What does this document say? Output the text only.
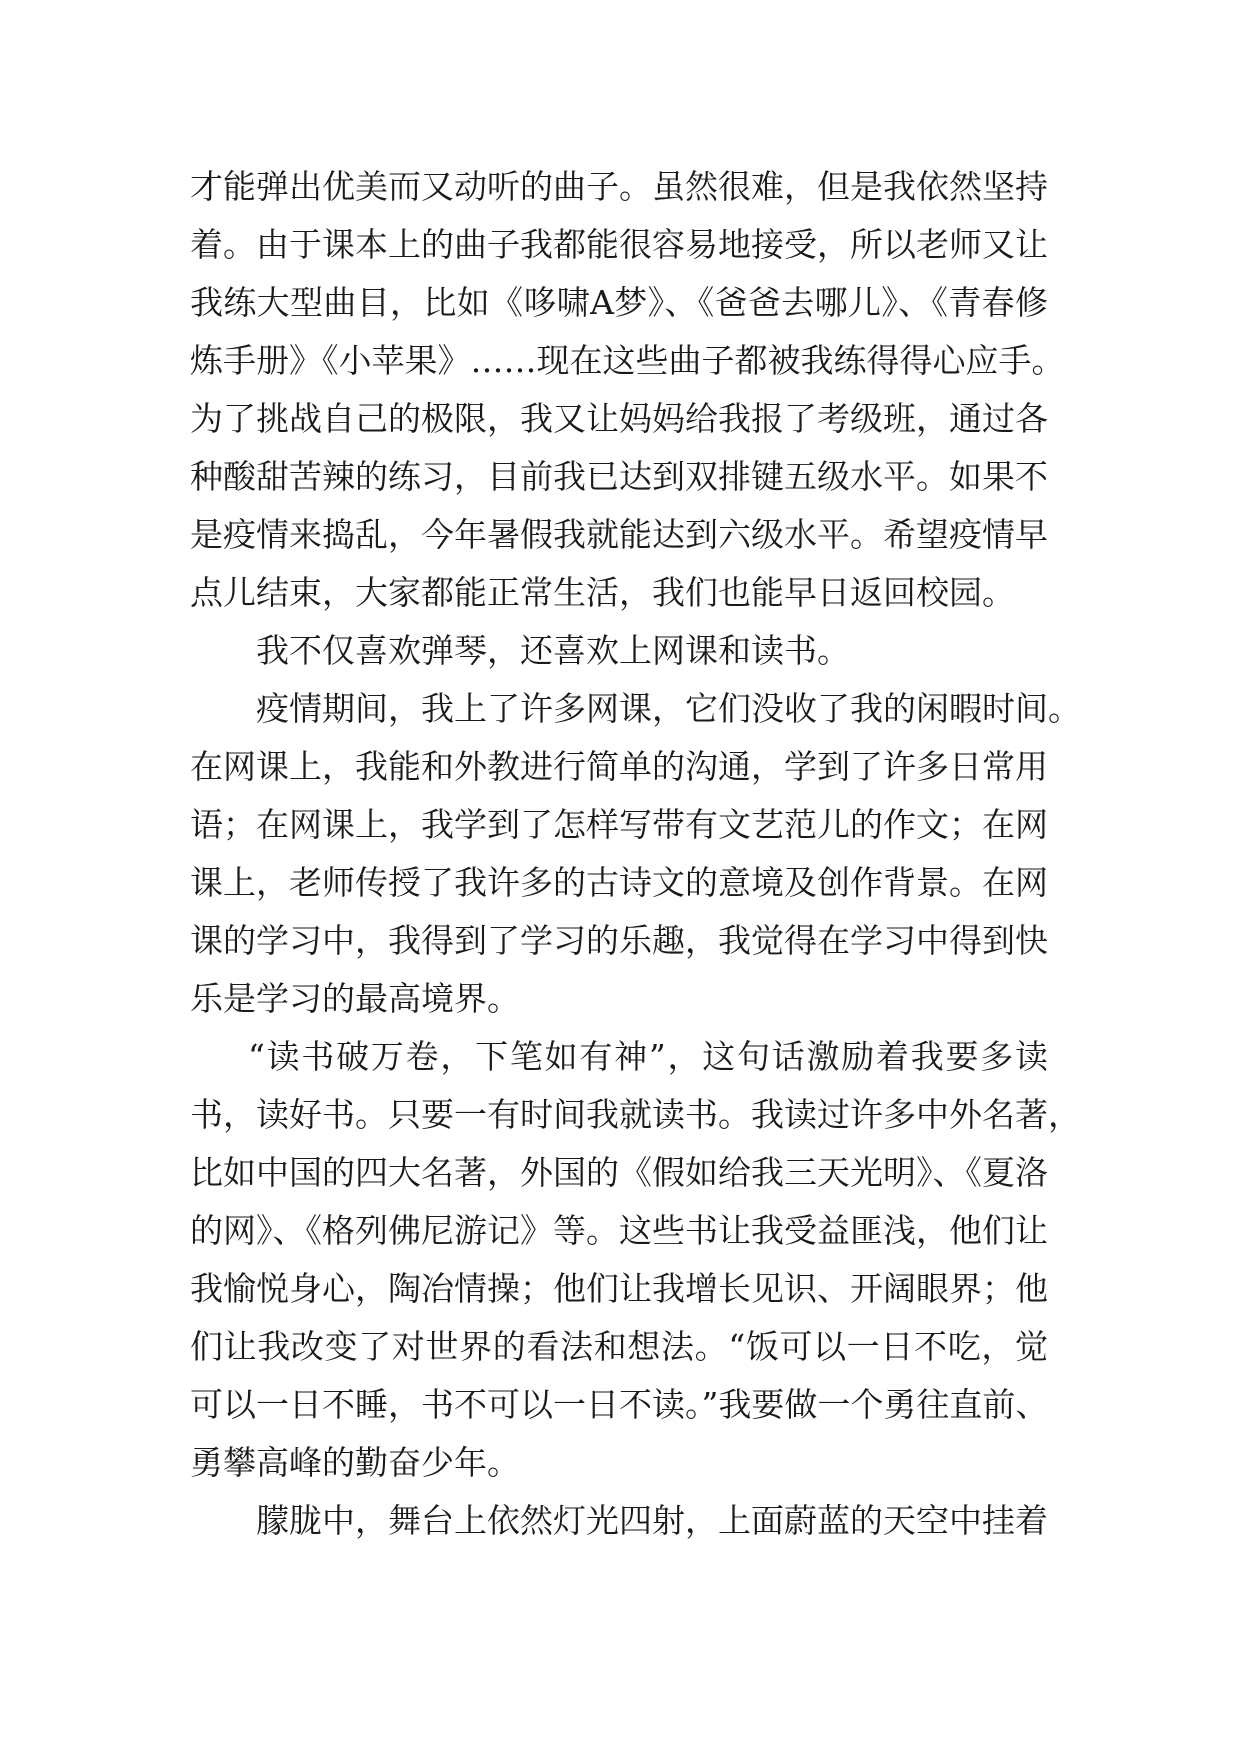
才能弹出优美而又动听的曲子。虽然很难，但是我依然坚持
着。由于课本上的曲子我都能很容易地接受，所以老师又让
我练大型曲目，比如《哆啸A梦》、《爸爸去哪儿》、《青春修
炼手册》《小苹果》……现在这些曲子都被我练得得心应手。
为了挑战自己的极限，我又让妈妈给我报了考级班，通过各
种酸甜苦辣的练习，目前我已达到双排键五级水平。如果不
是疫情来捣乱，今年暑假我就能达到六级水平。希望疫情早
点儿结束，大家都能正常生活，我们也能早日返回校园。
我不仅喜欢弹琴，还喜欢上网课和读书。
疫情期间，我上了许多网课，它们没收了我的闲暇时间。
在网课上，我能和外教进行简单的沟通，学到了许多日常用
语；在网课上，我学到了怎样写带有文艺范儿的作文；在网
课上，老师传授了我许多的古诗文的意境及创作背景。在网
课的学习中，我得到了学习的乐趣，我觉得在学习中得到快
乐是学习的最高境界。
“读书破万卷，下笔如有神”，这句话激励着我要多读
书，读好书。只要一有时间我就读书。我读过许多中外名著，
比如中国的四大名著，外国的《假如给我三天光明》、《夏洛
的网》、《格列佛尼游记》等。这些书让我受益匪浅，他们让
我愉悦身心，陶冶情操；他们让我增长见识、开阔眼界；他
们让我改变了对世界的看法和想法。“饭可以一日不吃，觉
可以一日不睡，书不可以一日不读。”我要做一个勇往直前、
勇攀高峰的勤奋少年。
朦胧中，舞台上依然灯光四射，上面蔚蓝的天空中挂着
